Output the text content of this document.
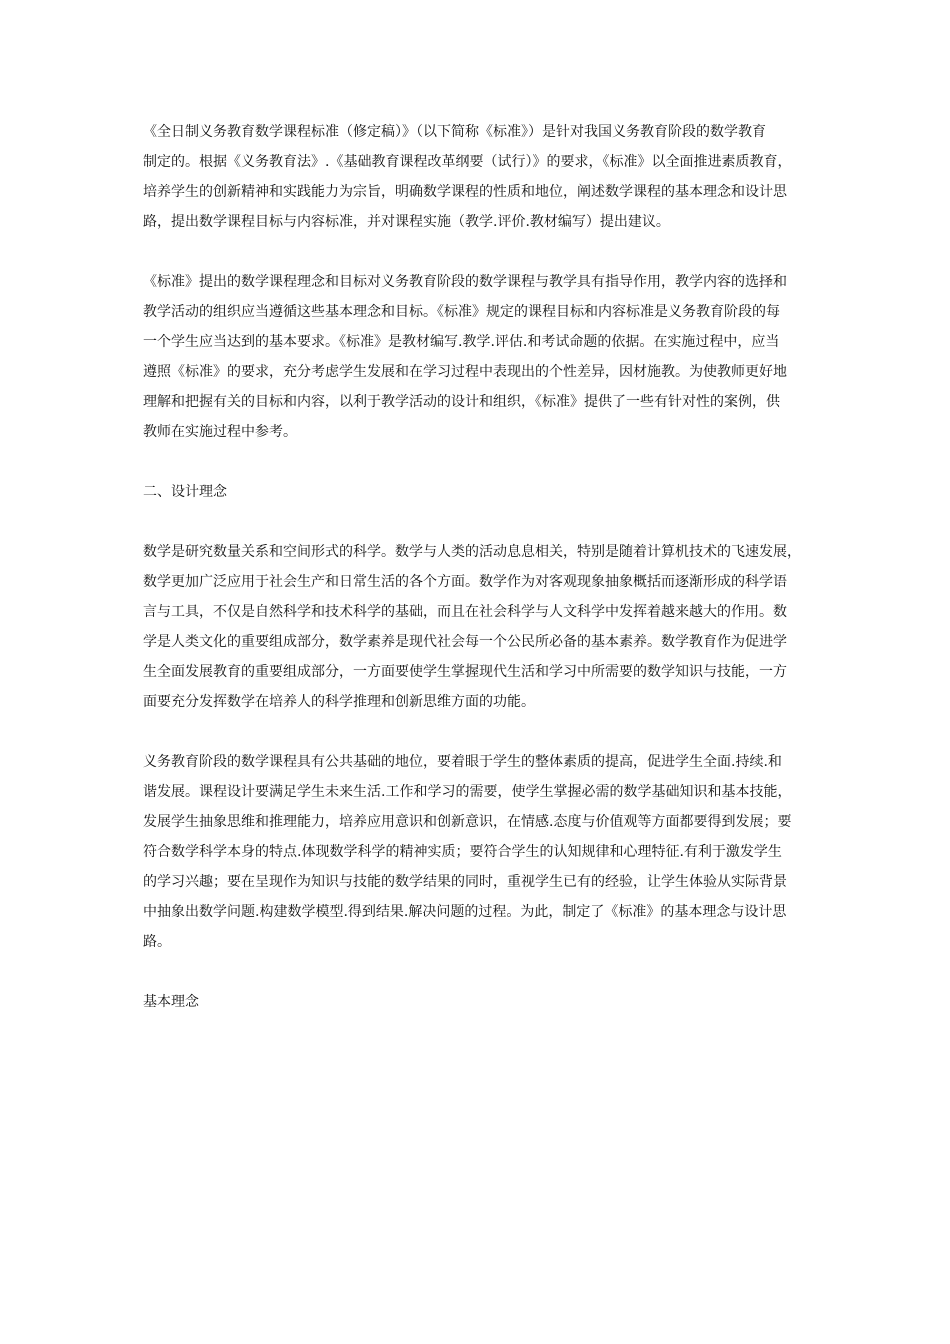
《全日制义务教育数学课程标准（修定稿）》（以下简称《标准》）是针对我国义务教育阶段的数学教育
制定的。根据《义务教育法》.《基础教育课程改革纲要（试行）》的要求，《标准》以全面推进素质教育，
培养学生的创新精神和实践能力为宗旨，明确数学课程的性质和地位，阐述数学课程的基本理念和设计思
路，提出数学课程目标与内容标准，并对课程实施（教学.评价.教材编写）提出建议。
《标准》提出的数学课程理念和目标对义务教育阶段的数学课程与教学具有指导作用，教学内容的选择和
教学活动的组织应当遵循这些基本理念和目标。《标准》规定的课程目标和内容标准是义务教育阶段的每
一个学生应当达到的基本要求。《标准》是教材编写.教学.评估.和考试命题的依据。在实施过程中，应当
遵照《标准》的要求，充分考虑学生发展和在学习过程中表现出的个性差异，因材施教。为使教师更好地
理解和把握有关的目标和内容，以利于教学活动的设计和组织，《标准》提供了一些有针对性的案例，供
教师在实施过程中参考。
二、设计理念
数学是研究数量关系和空间形式的科学。数学与人类的活动息息相关，特别是随着计算机技术的飞速发展，
数学更加广泛应用于社会生产和日常生活的各个方面。数学作为对客观现象抽象概括而逐渐形成的科学语
言与工具，不仅是自然科学和技术科学的基础，而且在社会科学与人文科学中发挥着越来越大的作用。数
学是人类文化的重要组成部分，数学素养是现代社会每一个公民所必备的基本素养。数学教育作为促进学
生全面发展教育的重要组成部分，一方面要使学生掌握现代生活和学习中所需要的数学知识与技能，一方
面要充分发挥数学在培养人的科学推理和创新思维方面的功能。
义务教育阶段的数学课程具有公共基础的地位，要着眼于学生的整体素质的提高，促进学生全面.持续.和
谐发展。课程设计要满足学生未来生活.工作和学习的需要，使学生掌握必需的数学基础知识和基本技能，
发展学生抽象思维和推理能力，培养应用意识和创新意识，在情感.态度与价值观等方面都要得到发展；要
符合数学科学本身的特点.体现数学科学的精神实质；要符合学生的认知规律和心理特征.有利于激发学生
的学习兴趣；要在呈现作为知识与技能的数学结果的同时，重视学生已有的经验，让学生体验从实际背景
中抽象出数学问题.构建数学模型.得到结果.解决问题的过程。为此，制定了《标准》的基本理念与设计思
路。
基本理念
